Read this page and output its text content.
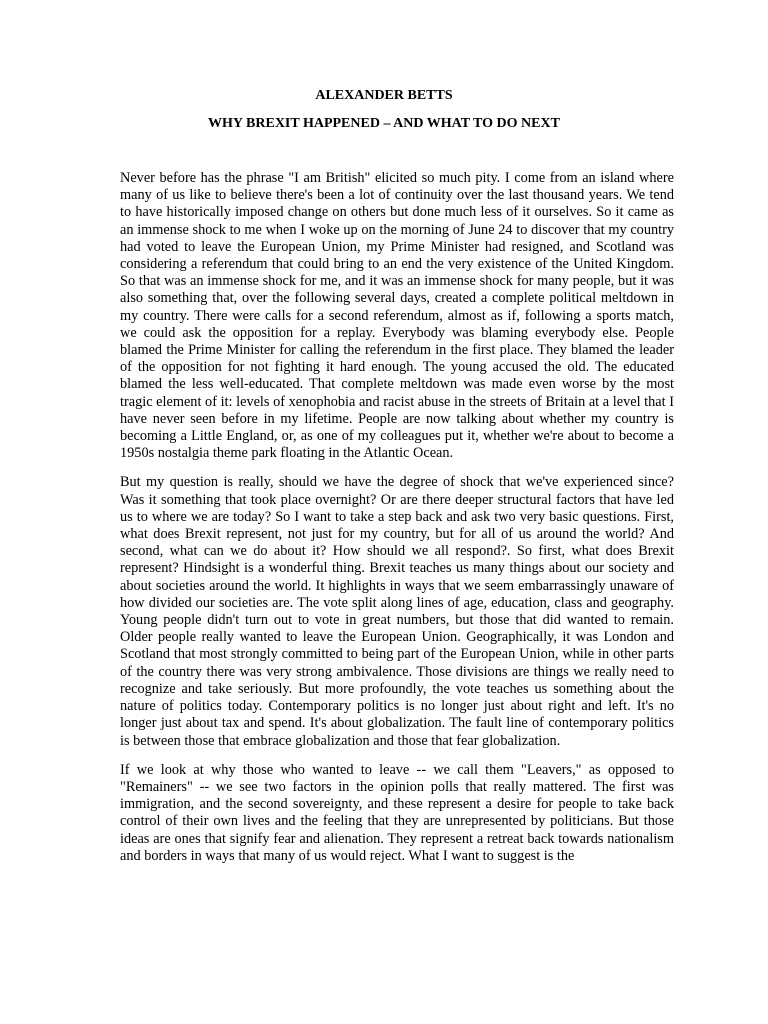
ALEXANDER BETTS
WHY BREXIT HAPPENED – AND WHAT TO DO NEXT

Never before has the phrase "I am British" elicited so much pity. I come from an island where many of us like to believe there's been a lot of continuity over the last thousand years. We tend to have historically imposed change on others but done much less of it ourselves. So it came as an immense shock to me when I woke up on the morning of June 24 to discover that my country had voted to leave the European Union, my Prime Minister had resigned, and Scotland was considering a referendum that could bring to an end the very existence of the United Kingdom. So that was an immense shock for me, and it was an immense shock for many people, but it was also something that, over the following several days, created a complete political meltdown in my country. There were calls for a second referendum, almost as if, following a sports match, we could ask the opposition for a replay. Everybody was blaming everybody else. People blamed the Prime Minister for calling the referendum in the first place. They blamed the leader of the opposition for not fighting it hard enough. The young accused the old. The educated blamed the less well-educated. That complete meltdown was made even worse by the most tragic element of it: levels of xenophobia and racist abuse in the streets of Britain at a level that I have never seen before in my lifetime. People are now talking about whether my country is becoming a Little England, or, as one of my colleagues put it, whether we're about to become a 1950s nostalgia theme park floating in the Atlantic Ocean.

But my question is really, should we have the degree of shock that we've experienced since? Was it something that took place overnight? Or are there deeper structural factors that have led us to where we are today? So I want to take a step back and ask two very basic questions. First, what does Brexit represent, not just for my country, but for all of us around the world? And second, what can we do about it? How should we all respond?. So first, what does Brexit represent? Hindsight is a wonderful thing. Brexit teaches us many things about our society and about societies around the world. It highlights in ways that we seem embarrassingly unaware of how divided our societies are. The vote split along lines of age, education, class and geography. Young people didn't turn out to vote in great numbers, but those that did wanted to remain. Older people really wanted to leave the European Union. Geographically, it was London and Scotland that most strongly committed to being part of the European Union, while in other parts of the country there was very strong ambivalence. Those divisions are things we really need to recognize and take seriously. But more profoundly, the vote teaches us something about the nature of politics today. Contemporary politics is no longer just about right and left. It's no longer just about tax and spend. It's about globalization. The fault line of contemporary politics is between those that embrace globalization and those that fear globalization.

If we look at why those who wanted to leave -- we call them "Leavers," as opposed to "Remainers" -- we see two factors in the opinion polls that really mattered. The first was immigration, and the second sovereignty, and these represent a desire for people to take back control of their own lives and the feeling that they are unrepresented by politicians. But those ideas are ones that signify fear and alienation. They represent a retreat back towards nationalism and borders in ways that many of us would reject. What I want to suggest is the
